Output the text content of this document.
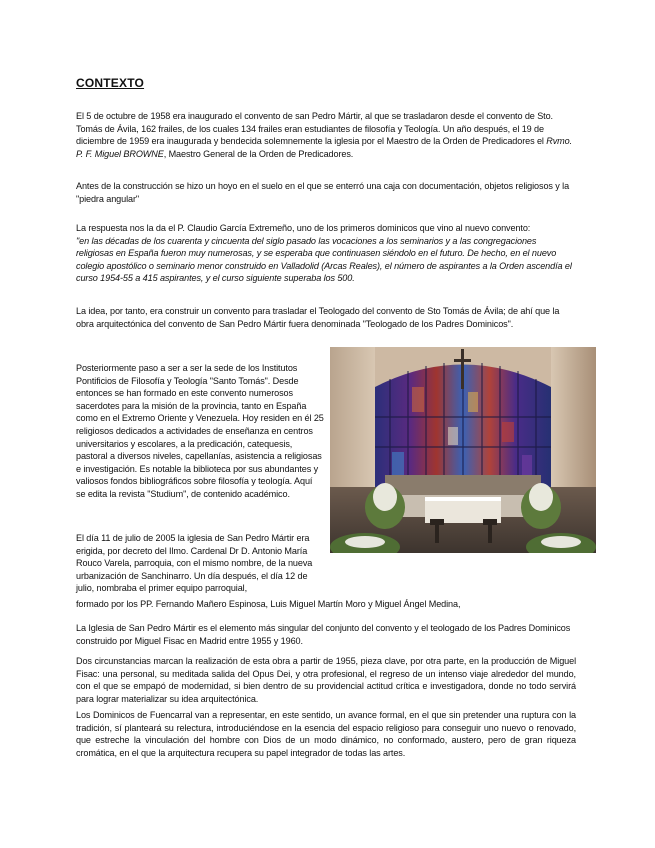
CONTEXTO

El 5 de octubre de 1958 era inaugurado el convento de san Pedro Mártir, al que se trasladaron desde el convento de Sto. Tomás de Ávila, 162 frailes, de los cuales 134 frailes eran estudiantes de filosofía y Teología. Un año después, el 19 de diciembre de 1959 era inaugurada y bendecida solemnemente la iglesia por el Maestro de la Orden de Predicadores el Rvmo. P. F. Miguel BROWNE, Maestro General de la Orden de Predicadores.

Antes de la construcción se hizo un hoyo en el suelo en el que se enterró una caja con documentación, objetos religiosos y la "piedra angular"

La respuesta nos la da el P. Claudio García Extremeño, uno de los primeros dominicos que vino al nuevo convento:
"en las décadas de los cuarenta y cincuenta del siglo pasado las vocaciones a los seminarios y a las congregaciones religiosas en España fueron muy numerosas, y se esperaba que continuasen siéndolo en el futuro. De hecho, en el nuevo colegio apostólico o seminario menor construido en Valladolid (Arcas Reales), el número de aspirantes a la Orden ascendía el curso 1954-55 a 415 aspirantes, y el curso siguiente superaba los 500.

La idea, por tanto, era construir un convento para trasladar el Teologado del convento de Sto Tomás de Ávila; de ahí que la obra arquitectónica del convento de San Pedro Mártir fuera denominada "Teologado de los Padres Dominicos".

Posteriormente paso a ser a ser la sede de los Institutos Pontificios de Filosofía y Teología "Santo Tomás". Desde entonces se han formado en este convento numerosos sacerdotes para la misión de la provincia, tanto en España como en el Extremo Oriente y Venezuela. Hoy residen en él 25 religiosos dedicados a actividades de enseñanza en centros universitarios y escolares, a la predicación, catequesis, pastoral a diversos niveles, capellanías, asistencia a religiosas e investigación. Es notable la biblioteca por sus abundantes y valiosos fondos bibliográficos sobre filosofía y teología. Aquí se edita la revista "Studium", de contenido académico.

El día 11 de julio de 2005 la iglesia de San Pedro Mártir era erigida, por decreto del Ilmo. Cardenal Dr D. Antonio María Rouco Varela, parroquia, con el mismo nombre, de la nueva urbanización de Sanchinarro. Un día después, el día 12 de julio, nombraba el primer equipo parroquial,

formado por los PP. Fernando Mañero Espinosa, Luis Miguel Martín Moro y Miguel Ángel Medina,

La Iglesia de San Pedro Mártir es el elemento más singular del conjunto del convento y el teologado de los Padres Dominicos construido por Miguel Fisac en Madrid entre 1955 y 1960.

Dos circunstancias marcan la realización de esta obra a partir de 1955, pieza clave, por otra parte, en la producción de Miguel Fisac: una personal, su meditada salida del Opus Dei, y otra profesional, el regreso de un intenso viaje alrededor del mundo, con el que se empapó de modernidad, si bien dentro de su providencial actitud crítica e investigadora, donde no todo servirá para lograr materializar su idea arquitectónica.

Los Dominicos de Fuencarral van a representar, en este sentido, un avance formal, en el que sin pretender una ruptura con la tradición, sí planteará su relectura, introduciéndose en la esencia del espacio religioso para conseguir uno nuevo o renovado, que estreche la vinculación del hombre con Dios de un modo dinámico, no conformado, austero, pero de gran riqueza cromática, en el que la arquitectura recupera su papel integrador de todas las artes.
